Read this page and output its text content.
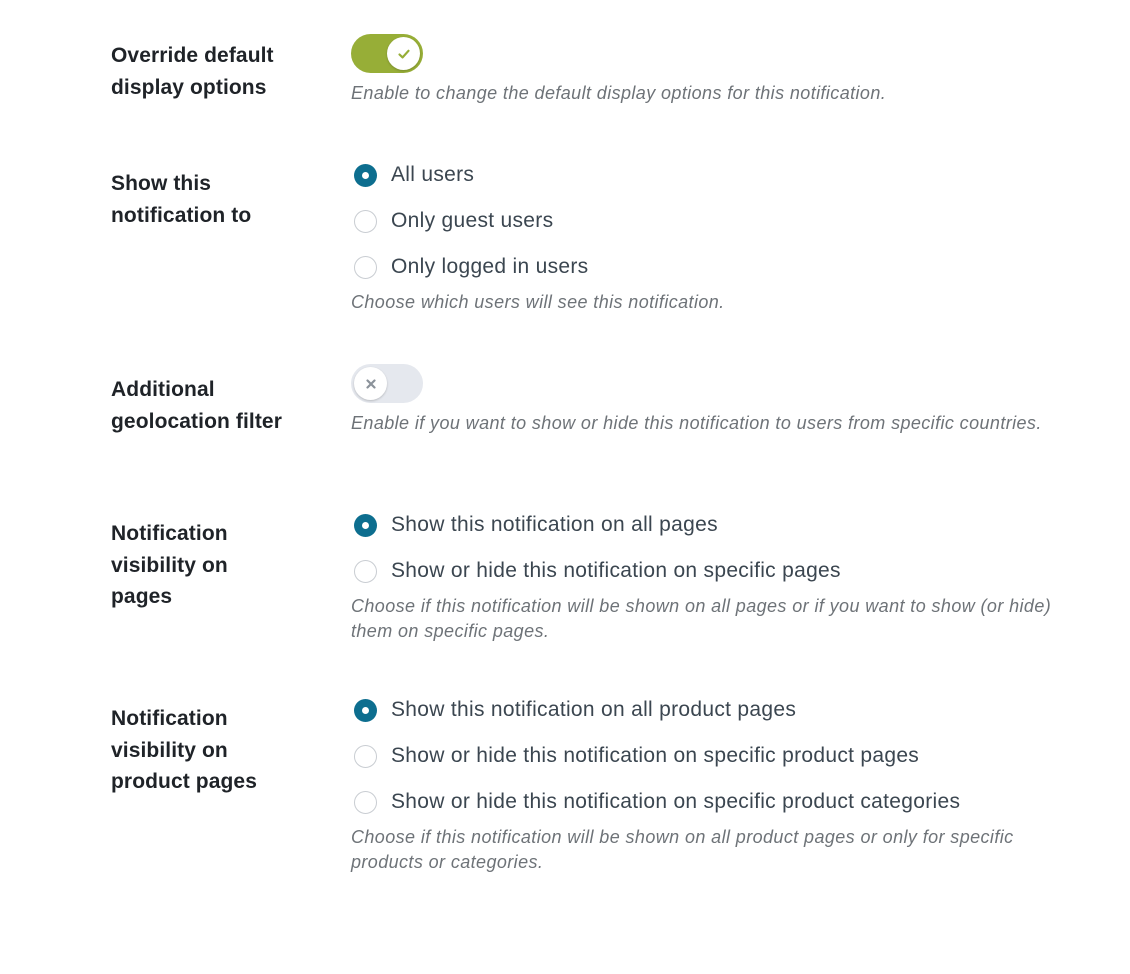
Override default display options	Enable to change the default display options for this notification.
Show this notification to
All users
Only guest users
Only logged in users
Choose which users will see this notification.
Additional geolocation filter	Enable if you want to show or hide this notification to users from specific countries.
Notification visibility on pages
Show this notification on all pages
Show or hide this notification on specific pages
Choose if this notification will be shown on all pages or if you want to show (or hide) them on specific pages.
Notification visibility on product pages
Show this notification on all product pages
Show or hide this notification on specific product pages
Show or hide this notification on specific product categories
Choose if this notification will be shown on all product pages or only for specific products or categories.
